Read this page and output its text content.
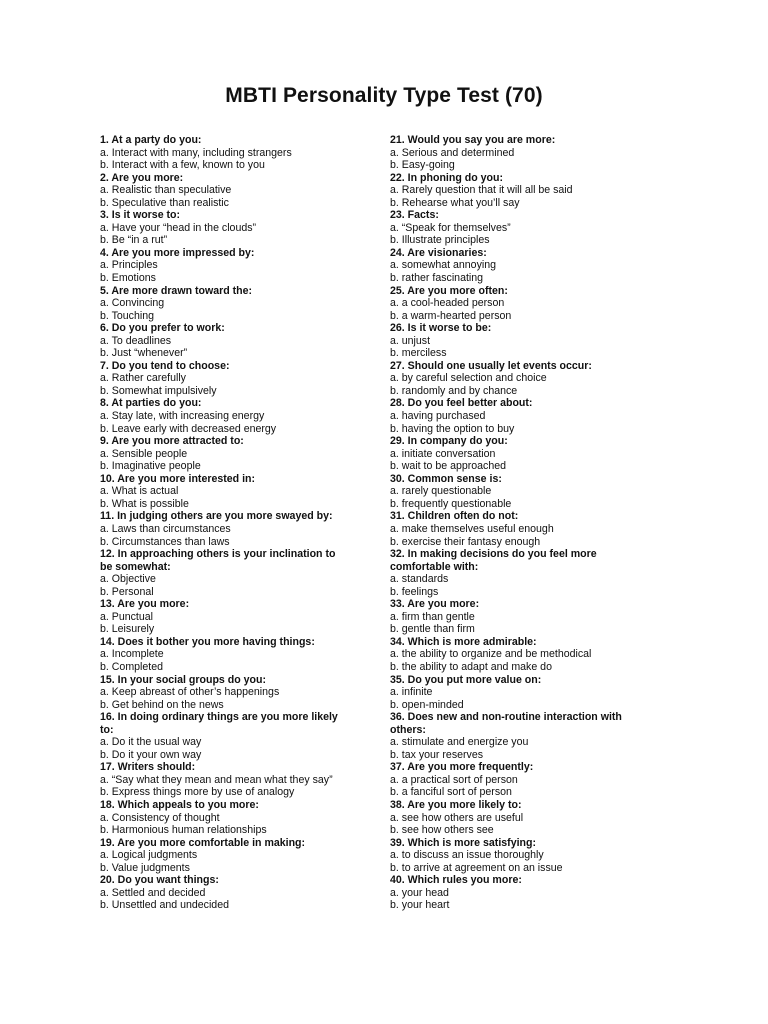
MBTI Personality Type Test (70)
1. At a party do you:
a. Interact with many, including strangers
b. Interact with a few, known to you
2. Are you more:
a. Realistic than speculative
b. Speculative than realistic
3. Is it worse to:
a. Have your “head in the clouds”
b. Be “in a rut”
4. Are you more impressed by:
a. Principles
b. Emotions
5. Are more drawn toward the:
a. Convincing
b. Touching
6. Do you prefer to work:
a. To deadlines
b. Just “whenever”
7. Do you tend to choose:
a. Rather carefully
b. Somewhat impulsively
8. At parties do you:
a. Stay late, with increasing energy
b. Leave early with decreased energy
9. Are you more attracted to:
a. Sensible people
b. Imaginative people
10. Are you more interested in:
a. What is actual
b. What is possible
11. In judging others are you more swayed by:
a. Laws than circumstances
b. Circumstances than laws
12. In approaching others is your inclination to be somewhat:
a. Objective
b. Personal
13. Are you more:
a. Punctual
b. Leisurely
14. Does it bother you more having things:
a. Incomplete
b. Completed
15. In your social groups do you:
a. Keep abreast of other’s happenings
b. Get behind on the news
16. In doing ordinary things are you more likely to:
a. Do it the usual way
b. Do it your own way
17. Writers should:
a. “Say what they mean and mean what they say”
b. Express things more by use of analogy
18. Which appeals to you more:
a. Consistency of thought
b. Harmonious human relationships
19. Are you more comfortable in making:
a. Logical judgments
b. Value judgments
20. Do you want things:
a. Settled and decided
b. Unsettled and undecided
21. Would you say you are more:
a. Serious and determined
b. Easy-going
22. In phoning do you:
a. Rarely question that it will all be said
b. Rehearse what you’ll say
23. Facts:
a. “Speak for themselves”
b. Illustrate principles
24. Are visionaries:
a. somewhat annoying
b. rather fascinating
25. Are you more often:
a. a cool-headed person
b. a warm-hearted person
26. Is it worse to be:
a. unjust
b. merciless
27. Should one usually let events occur:
a. by careful selection and choice
b. randomly and by chance
28. Do you feel better about:
a. having purchased
b. having the option to buy
29. In company do you:
a. initiate conversation
b. wait to be approached
30. Common sense is:
a. rarely questionable
b. frequently questionable
31. Children often do not:
a. make themselves useful enough
b. exercise their fantasy enough
32. In making decisions do you feel more comfortable with:
a. standards
b. feelings
33. Are you more:
a. firm than gentle
b. gentle than firm
34. Which is more admirable:
a. the ability to organize and be methodical
b. the ability to adapt and make do
35. Do you put more value on:
a. infinite
b. open-minded
36. Does new and non-routine interaction with others:
a. stimulate and energize you
b. tax your reserves
37. Are you more frequently:
a. a practical sort of person
b. a fanciful sort of person
38. Are you more likely to:
a. see how others are useful
b. see how others see
39. Which is more satisfying:
a. to discuss an issue thoroughly
b. to arrive at agreement on an issue
40. Which rules you more:
a. your head
b. your heart
